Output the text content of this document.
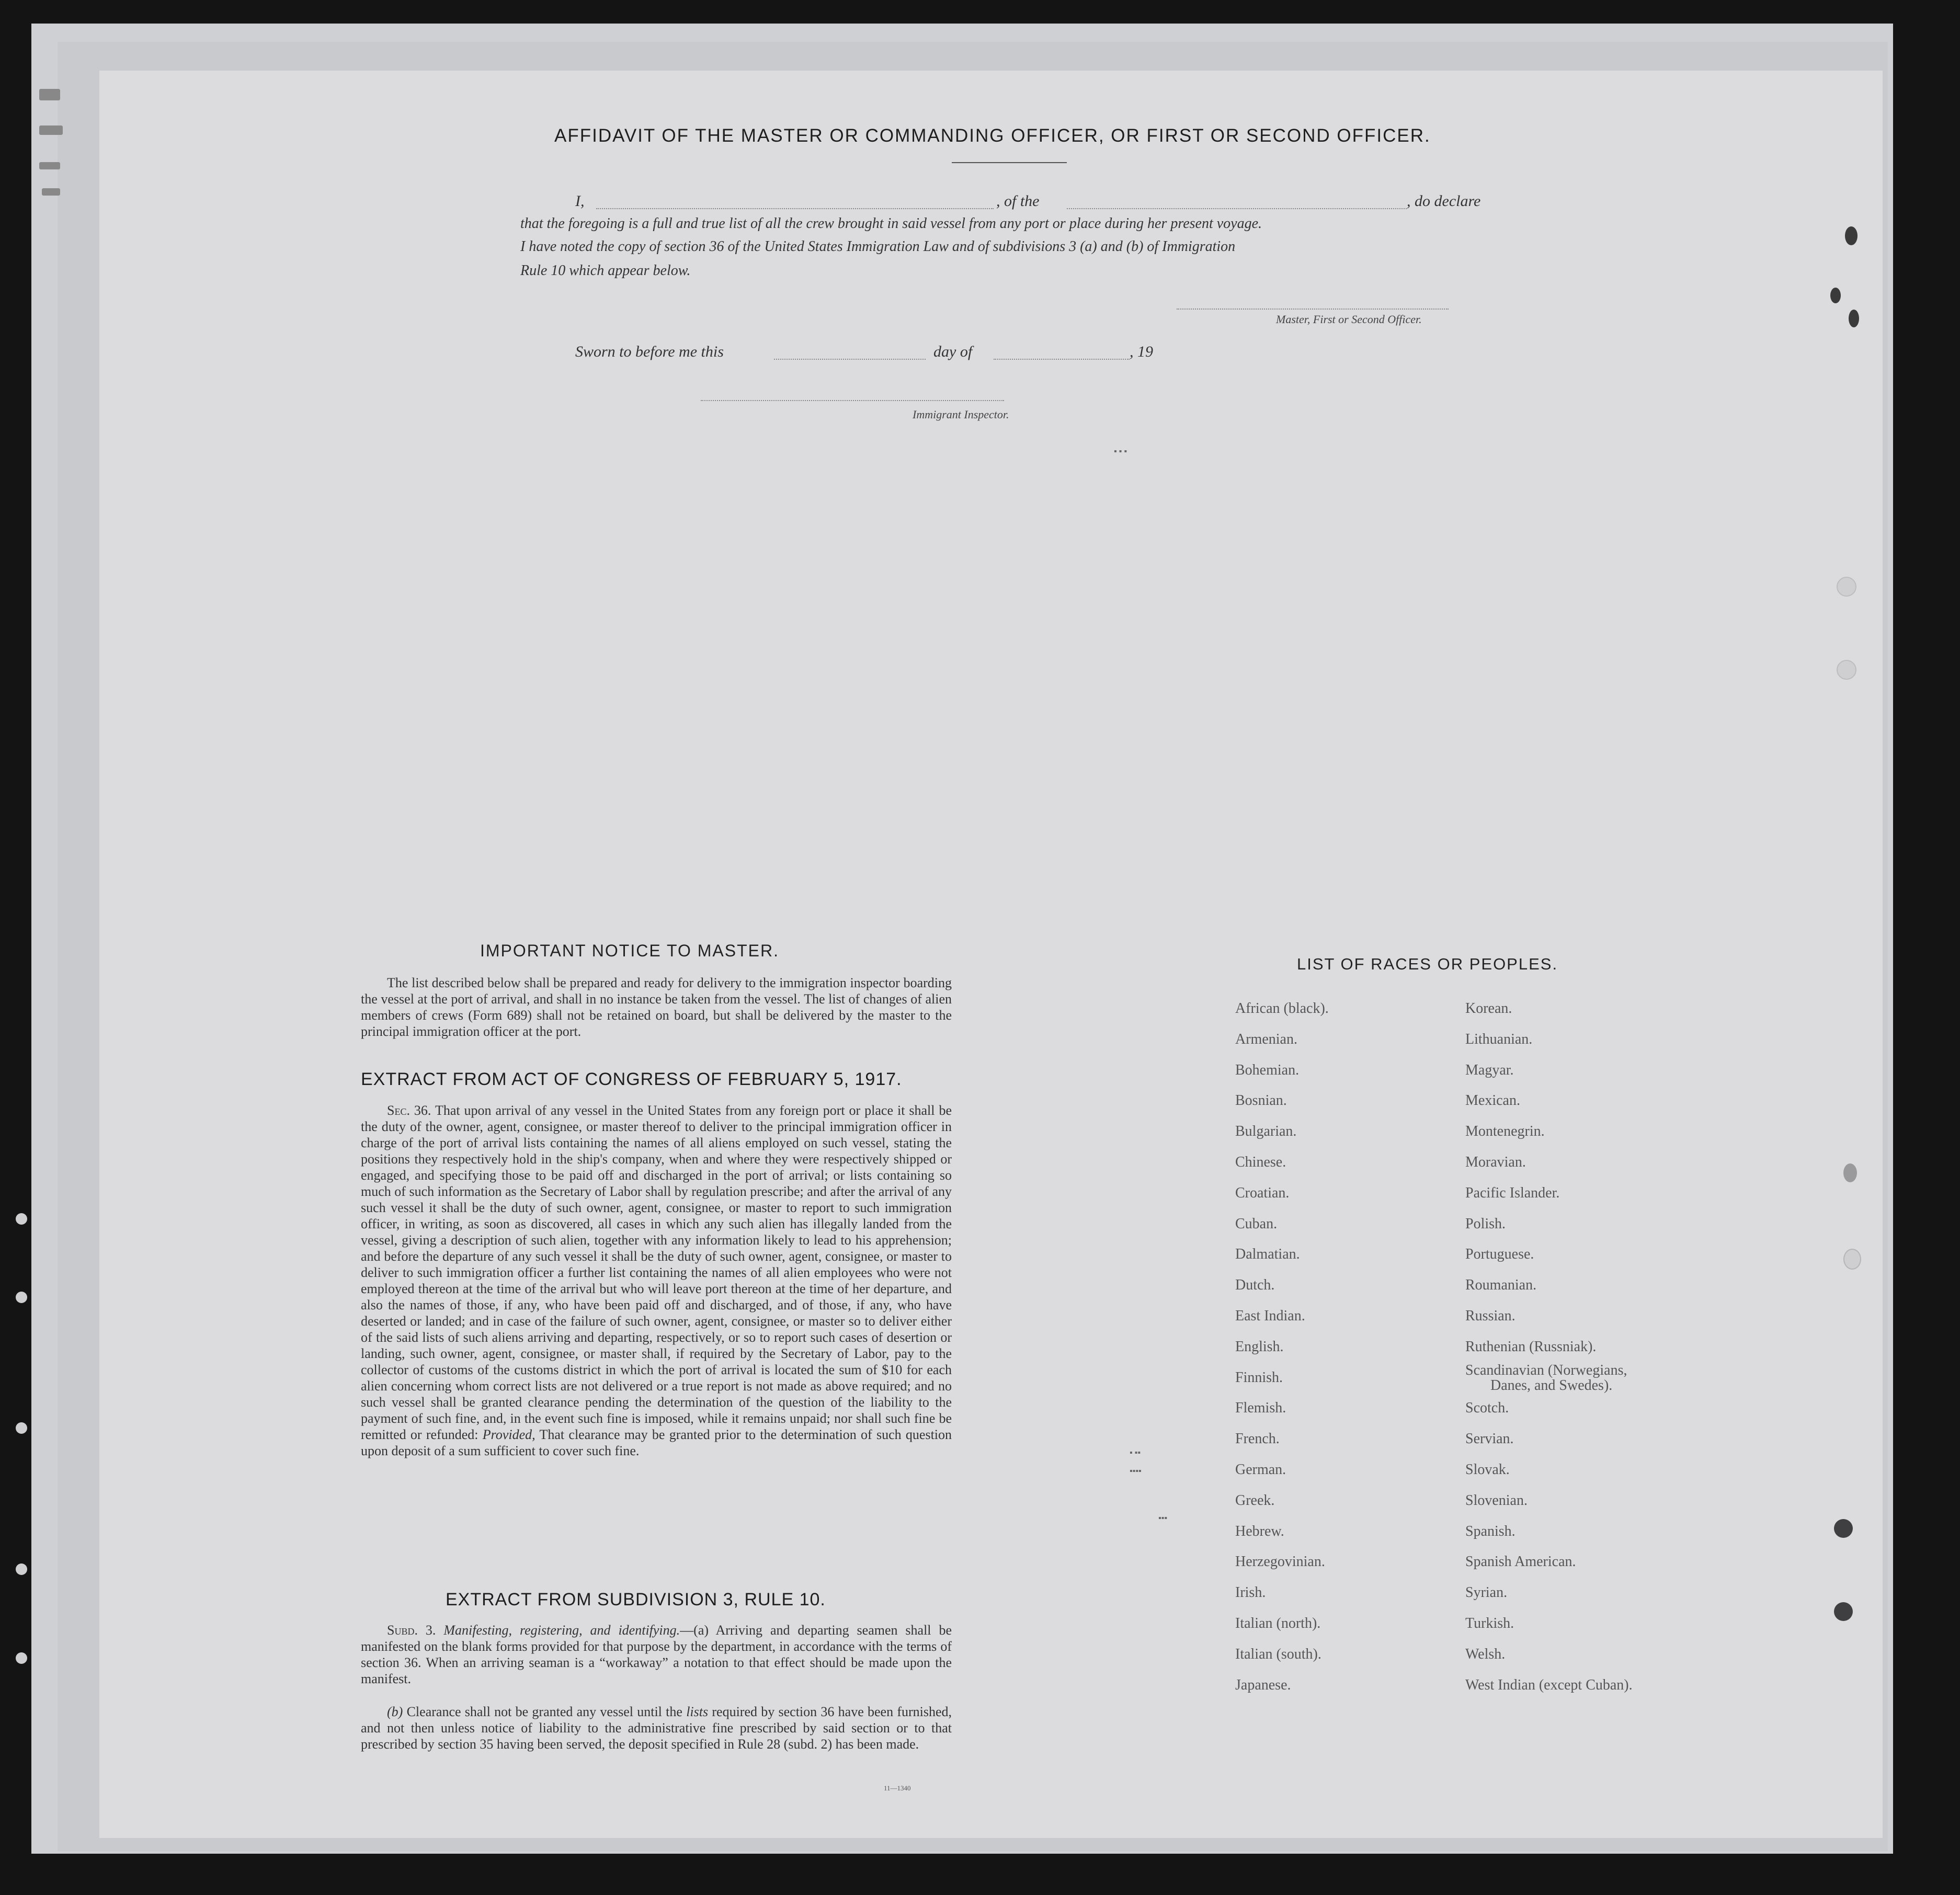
AFFIDAVIT OF THE MASTER OR COMMANDING OFFICER, OR FIRST OR SECOND OFFICER.
I,	, of the	, do declare
that the foregoing is a full and true list of all the crew brought in said vessel from any port or place during her present voyage.
I have noted the copy of section 36 of the United States Immigration Law and of subdivisions 3 (a) and (b) of Immigration
Rule 10 which appear below.
Master, First or Second Officer.
Sworn to before me this	day of	, 19
Immigrant Inspector.
IMPORTANT NOTICE TO MASTER.
The list described below shall be prepared and ready for delivery to the immigration inspector boarding the vessel at the port of arrival, and shall in no instance be taken from the vessel. The list of changes of alien members of crews (Form 689) shall not be retained on board, but shall be delivered by the master to the principal immigration officer at the port.
EXTRACT FROM ACT OF CONGRESS OF FEBRUARY 5, 1917.
Sec. 36. That upon arrival of any vessel in the United States from any foreign port or place it shall be the duty of the owner, agent, consignee, or master thereof to deliver to the principal immigration officer in charge of the port of arrival lists containing the names of all aliens employed on such vessel, stating the positions they respectively hold in the ship's company, when and where they were respectively shipped or engaged, and specifying those to be paid off and discharged in the port of arrival; or lists containing so much of such information as the Secretary of Labor shall by regulation prescribe; and after the arrival of any such vessel it shall be the duty of such owner, agent, consignee, or master to report to such immigration officer, in writing, as soon as discovered, all cases in which any such alien has illegally landed from the vessel, giving a description of such alien, together with any information likely to lead to his apprehension; and before the departure of any such vessel it shall be the duty of such owner, agent, consignee, or master to deliver to such immigration officer a further list containing the names of all alien employees who were not employed thereon at the time of the arrival but who will leave port thereon at the time of her departure, and also the names of those, if any, who have been paid off and discharged, and of those, if any, who have deserted or landed; and in case of the failure of such owner, agent, consignee, or master so to deliver either of the said lists of such aliens arriving and departing, respectively, or so to report such cases of desertion or landing, such owner, agent, consignee, or master shall, if required by the Secretary of Labor, pay to the collector of customs of the customs district in which the port of arrival is located the sum of $10 for each alien concerning whom correct lists are not delivered or a true report is not made as above required; and no such vessel shall be granted clearance pending the determination of the question of the liability to the payment of such fine, and, in the event such fine is imposed, while it remains unpaid; nor shall such fine be remitted or refunded: Provided, That clearance may be granted prior to the determination of such question upon deposit of a sum sufficient to cover such fine.
EXTRACT FROM SUBDIVISION 3, RULE 10.
Subd. 3. Manifesting, registering, and identifying.—(a) Arriving and departing seamen shall be manifested on the blank forms provided for that purpose by the department, in accordance with the terms of section 36. When an arriving seaman is a “workaway” a notation to that effect should be made upon the manifest.
(b) Clearance shall not be granted any vessel until the lists required by section 36 have been furnished, and not then unless notice of liability to the administrative fine prescribed by said section or to that prescribed by section 35 having been served, the deposit specified in Rule 28 (subd. 2) has been made.
11—1340
LIST OF RACES OR PEOPLES.
African (black).
Armenian.
Bohemian.
Bosnian.
Bulgarian.
Chinese.
Croatian.
Cuban.
Dalmatian.
Dutch.
East Indian.
English.
Finnish.
Flemish.
French.
German.
Greek.
Hebrew.
Herzegovinian.
Irish.
Italian (north).
Italian (south).
Japanese.
Korean.
Lithuanian.
Magyar.
Mexican.
Montenegrin.
Moravian.
Pacific Islander.
Polish.
Portuguese.
Roumanian.
Russian.
Ruthenian (Russniak).
Scandinavian (Norwegians,
Danes, and Swedes).
Scotch.
Servian.
Slovak.
Slovenian.
Spanish.
Spanish American.
Syrian.
Turkish.
Welsh.
West Indian (except Cuban).
▪ ▪ ▪
▪ ▪▪
▪▪▪▪
▪▪▪
